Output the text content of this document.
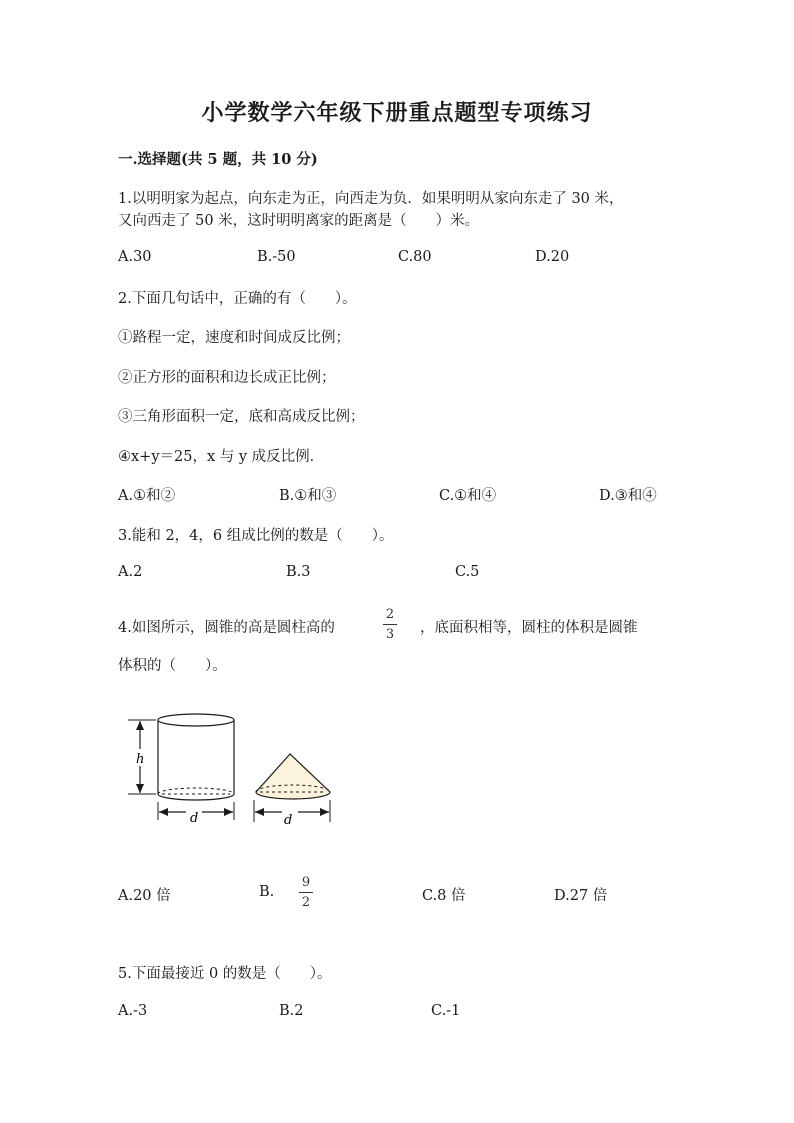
小学数学六年级下册重点题型专项练习
一.选择题(共 5 题，共 10 分)
1.以明明家为起点，向东走为正，向西走为负．如果明明从家向东走了 30 米，
又向西走了 50 米，这时明明离家的距离是（　　）米。
A.30	B.-50	C.80	D.20
2.下面几句话中，正确的有（　　）。
①路程一定，速度和时间成反比例；
②正方形的面积和边长成正比例；
③三角形面积一定，底和高成反比例；
④x+y＝25，x 与 y 成反比例．
A.①和②	B.①和③	C.①和④	D.③和④
3.能和 2，4，6 组成比例的数是（　　）。
A.2	B.3	C.5
4.如图所示，圆锥的高是圆柱高的
2
3	，底面积相等，圆柱的体积是圆锥
体积的（　　）。
h
d	d
A.20 倍	B.
9
2	C.8 倍	D.27 倍
5.下面最接近 0 的数是（　　）。
A.-3	B.2	C.-1
